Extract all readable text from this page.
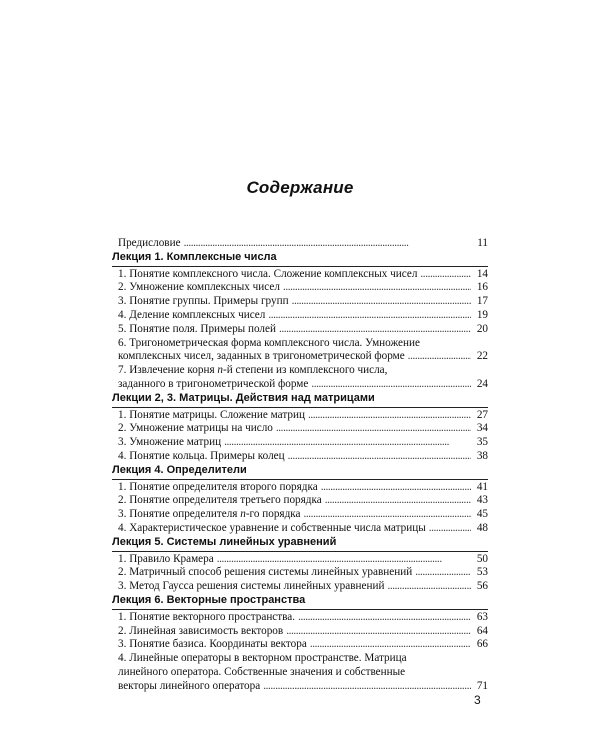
Содержание
Предисловие . . .	11
Лекция 1. Комплексные числа
1. Понятие комплексного числа. Сложение комплексных чисел . . .	14
2. Умножение комплексных чисел . . .	16
3. Понятие группы. Примеры групп . . .	17
4. Деление комплексных чисел . . .	19
5. Понятие поля. Примеры полей . . .	20
6. Тригонометрическая форма комплексного числа. Умножение
комплексных чисел, заданных в тригонометрической форме . . .	22
7. Извлечение корня n-й степени из комплексного числа,
заданного в тригонометрической форме . . .	24
Лекции 2, 3. Матрицы. Действия над матрицами
1. Понятие матрицы. Сложение матриц . . .	27
2. Умножение матрицы на число . . .	34
3. Умножение матриц . . .	35
4. Понятие кольца. Примеры колец . . .	38
Лекция 4. Определители
1. Понятие определителя второго порядка . . .	41
2. Понятие определителя третьего порядка . . .	43
3. Понятие определителя n-го порядка . . .	45
4. Характеристическое уравнение и собственные числа матрицы . . .	48
Лекция 5. Системы линейных уравнений
1. Правило Крамера . . .	50
2. Матричный способ решения системы линейных уравнений . . .	53
3. Метод Гаусса решения системы линейных уравнений . . .	56
Лекция 6. Векторные пространства
1. Понятие векторного пространства. . . .	63
2. Линейная зависимость векторов . . .	64
3. Понятие базиса. Координаты вектора . . .	66
4. Линейные операторы в векторном пространстве. Матрица
линейного оператора. Собственные значения и собственные
векторы линейного оператора . . .	71
3
